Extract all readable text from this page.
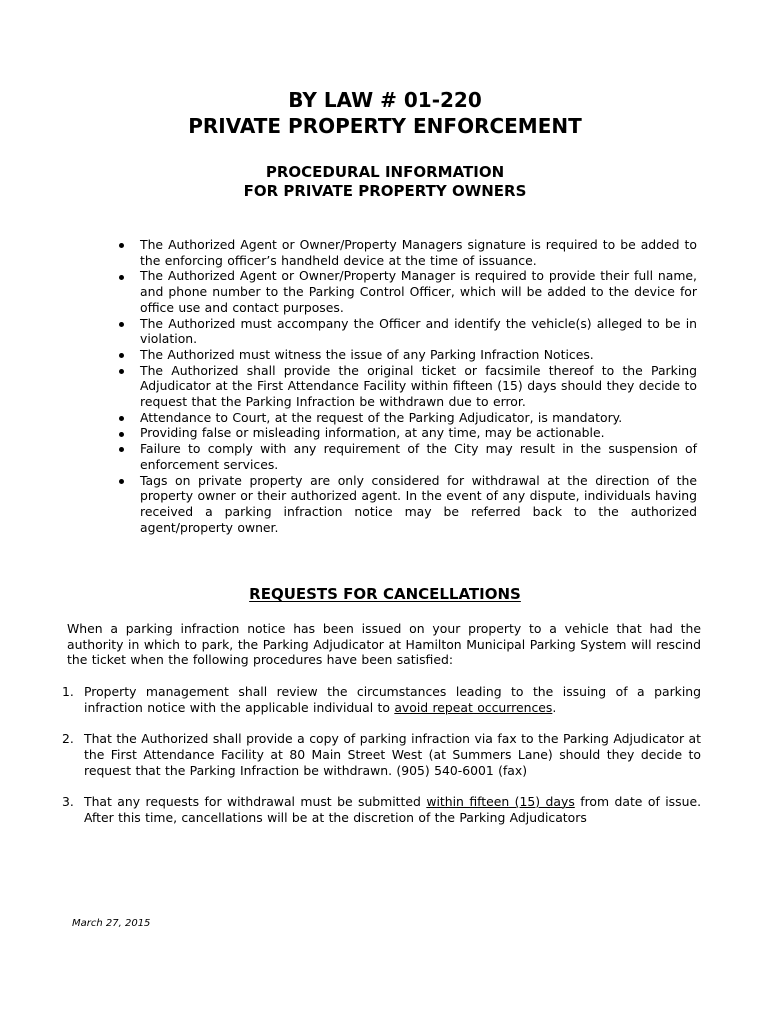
BY LAW # 01-220
PRIVATE PROPERTY ENFORCEMENT
PROCEDURAL INFORMATION
FOR PRIVATE PROPERTY OWNERS
The Authorized Agent or Owner/Property Managers signature is required to be added to the enforcing officer’s handheld device at the time of issuance.
The Authorized Agent or Owner/Property Manager is required to provide their full name, and phone number to the Parking Control Officer, which will be added to the device for office use and contact purposes.
The Authorized must accompany the Officer and identify the vehicle(s) alleged to be in violation.
The Authorized must witness the issue of any Parking Infraction Notices.
The Authorized shall provide the original ticket or facsimile thereof to the Parking Adjudicator at the First Attendance Facility within fifteen (15) days should they decide to request that the Parking Infraction be withdrawn due to error.
Attendance to Court, at the request of the Parking Adjudicator, is mandatory.
Providing false or misleading information, at any time, may be actionable.
Failure to comply with any requirement of the City may result in the suspension of enforcement services.
Tags on private property are only considered for withdrawal at the direction of the property owner or their authorized agent. In the event of any dispute, individuals having received a parking infraction notice may be referred back to the authorized agent/property owner.
REQUESTS FOR CANCELLATIONS

When a parking infraction notice has been issued on your property to a vehicle that had the authority in which to park, the Parking Adjudicator at Hamilton Municipal Parking System will rescind the ticket when the following procedures have been satisfied:

1. Property management shall review the circumstances leading to the issuing of a parking infraction notice with the applicable individual to avoid repeat occurrences.
2. That the Authorized shall provide a copy of parking infraction via fax to the Parking Adjudicator at the First Attendance Facility at 80 Main Street West (at Summers Lane) should they decide to request that the Parking Infraction be withdrawn. (905) 540-6001 (fax)
3. That any requests for withdrawal must be submitted within fifteen (15) days from date of issue. After this time, cancellations will be at the discretion of the Parking Adjudicators
March 27, 2015
